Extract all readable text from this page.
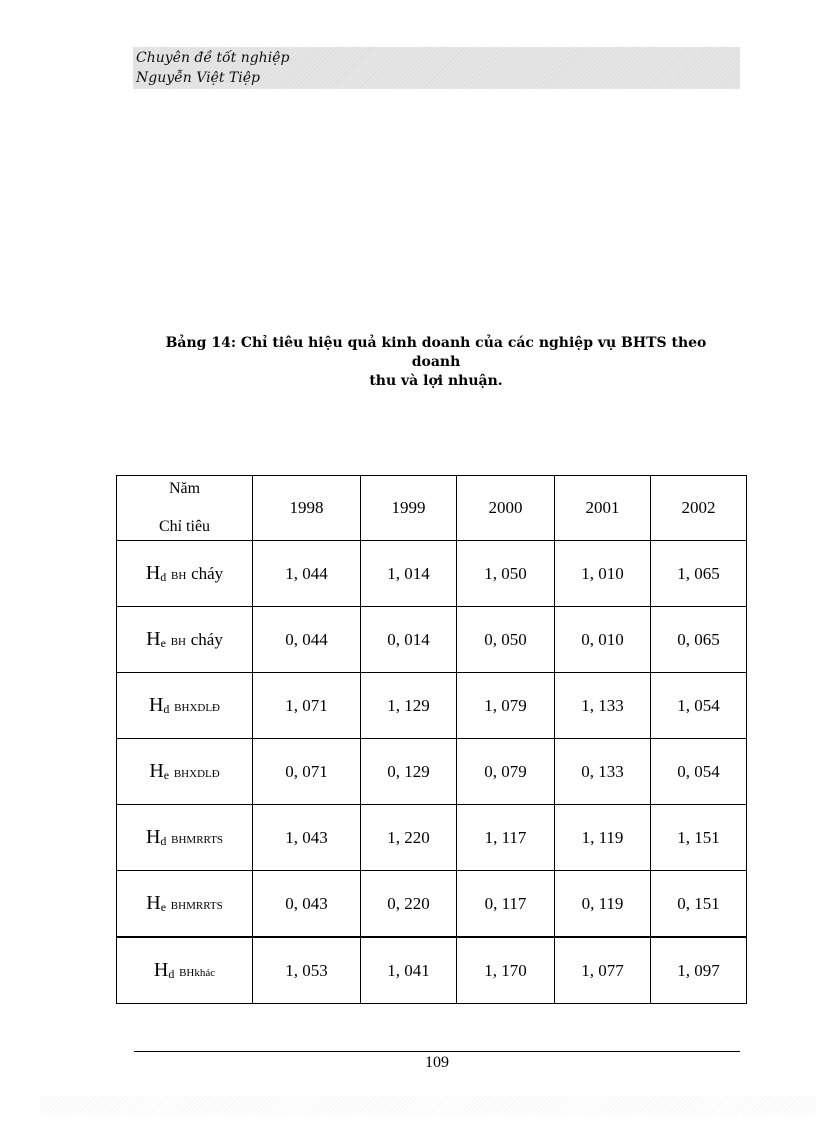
Chuyên đề tốt nghiệp
Nguyễn Việt Tiệp
Bảng 14: Chỉ tiêu hiệu quả kinh doanh của các nghiệp vụ BHTS theo doanh
thu và lợi nhuận.
Năm
Chỉ tiêu	1998	1999	2000	2001	2002
$H_d$ BH cháy	1, 044	1, 014	1, 050	1, 010	1, 065
$H_e$ BH cháy	0, 044	0, 014	0, 050	0, 010	0, 065
$H_d$ BHXDLĐ	1, 071	1, 129	1, 079	1, 133	1, 054
$H_e$ BHXDLĐ	0, 071	0, 129	0, 079	0, 133	0, 054
$H_d$ BHMRRTS	1, 043	1, 220	1, 117	1, 119	1, 151
$H_e$ BHMRRTS	0, 043	0, 220	0, 117	0, 119	0, 151
$H_d$ BHkhác	1, 053	1, 041	1, 170	1, 077	1, 097
109
